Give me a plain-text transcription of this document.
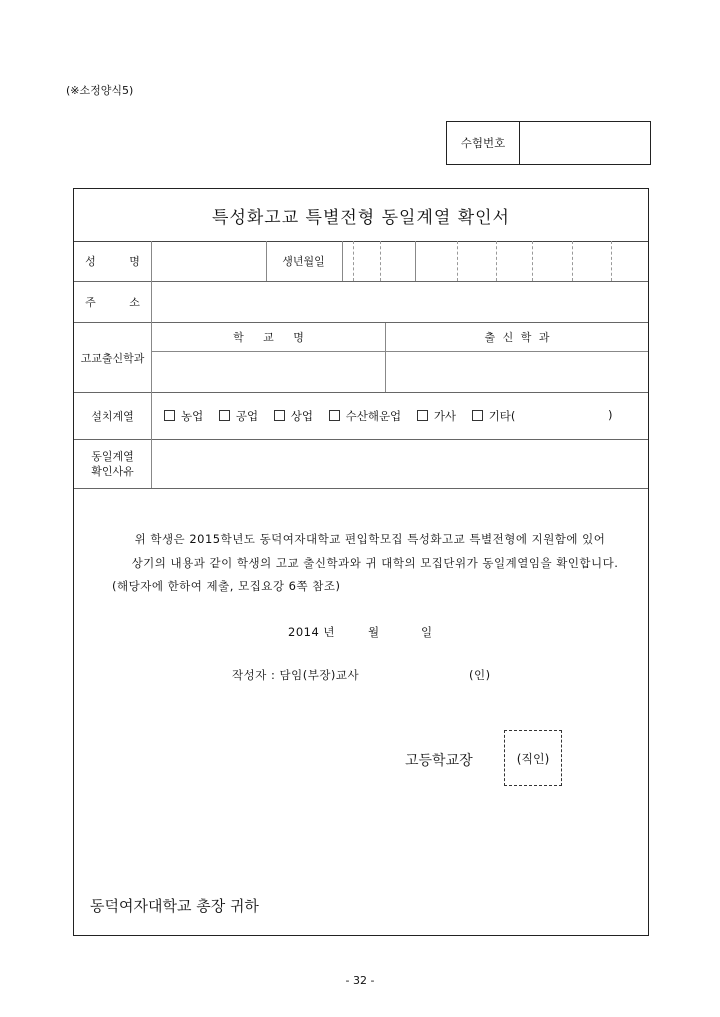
(※소정양식5)
수험번호
특성화고교 특별전형 동일계열 확인서
성 명	생년월일
주 소
고교출신학과
학 교 명	출 신 학 과
설치계열	농업	공업	상업	수산해운업	가사	기타(	)
동일계열
확인사유
위 학생은 2015학년도 동덕여자대학교 편입학모집 특성화고교 특별전형에 지원함에 있어
상기의 내용과 같이 학생의 고교 출신학과와 귀 대학의 모집단위가 동일계열임을 확인합니다.
(해당자에 한하여 제출, 모집요강 6쪽 참조)
2014 년	월	일
작성자 : 담임(부장)교사	(인)
고등학교장	(직인)
동덕여자대학교 총장 귀하
- 32 -
